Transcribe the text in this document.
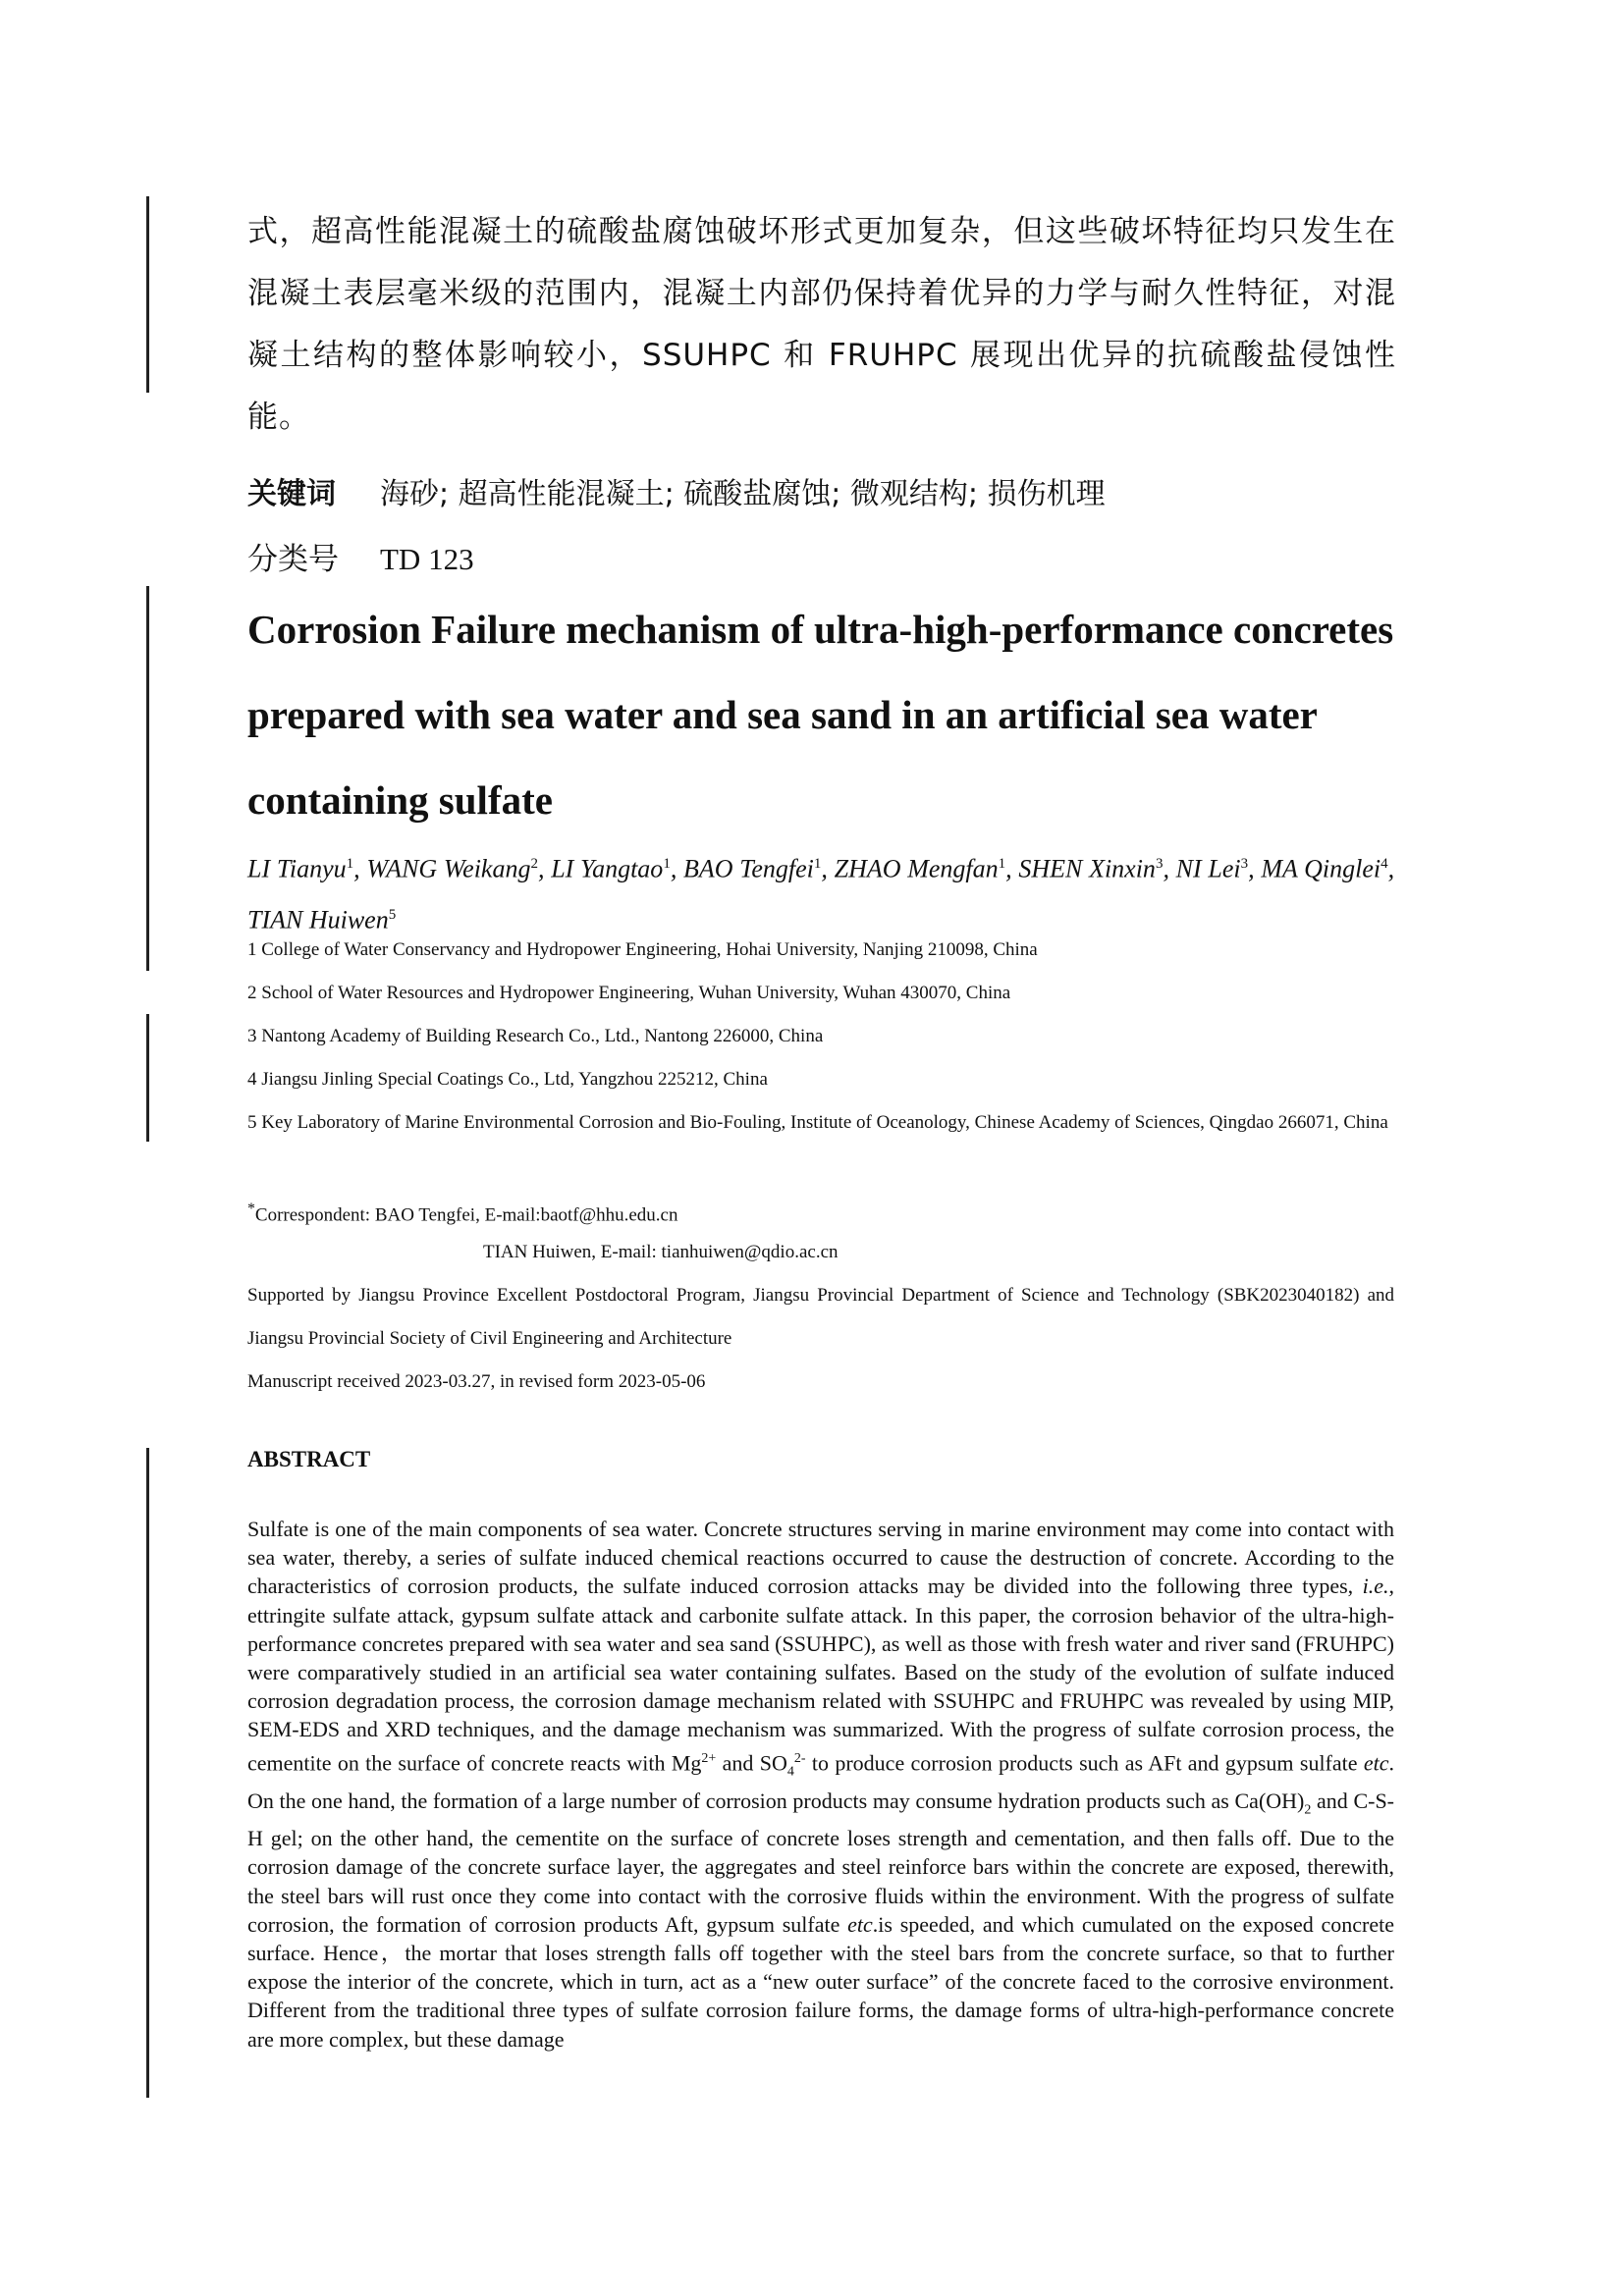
式，超高性能混凝土的硫酸盐腐蚀破坏形式更加复杂，但这些破坏特征均只发生在混凝土表层毫米级的范围内，混凝土内部仍保持着优异的力学与耐久性特征，对混凝土结构的整体影响较小，SSUHPC 和 FRUHPC 展现出优异的抗硫酸盐侵蚀性能。

关键词 海砂; 超高性能混凝土; 硫酸盐腐蚀; 微观结构; 损伤机理

分类号 TD 123

Corrosion Failure mechanism of ultra-high-performance concretes prepared with sea water and sea sand in an artificial sea water containing sulfate

LI Tianyu$^1$, WANG Weikang$^2$, LI Yangtao$^1$, BAO Tengfei$^1$, ZHAO Mengfan$^1$, SHEN Xinxin$^3$, NI Lei$^3$, MA Qinglei$^4$, TIAN Huiwen$^5$

1 College of Water Conservancy and Hydropower Engineering, Hohai University, Nanjing 210098, China

2 School of Water Resources and Hydropower Engineering, Wuhan University, Wuhan 430070, China

3 Nantong Academy of Building Research Co., Ltd., Nantong 226000, China

4 Jiangsu Jinling Special Coatings Co., Ltd, Yangzhou 225212, China

5 Key Laboratory of Marine Environmental Corrosion and Bio-Fouling, Institute of Oceanology, Chinese Academy of Sciences, Qingdao 266071, China

*Correspondent: BAO Tengfei, E-mail:baotf@hhu.edu.cn

TIAN Huiwen, E-mail: tianhuiwen@qdio.ac.cn

Supported by Jiangsu Province Excellent Postdoctoral Program, Jiangsu Provincial Department of Science and Technology (SBK2023040182) and Jiangsu Provincial Society of Civil Engineering and Architecture

Manuscript received 2023-03.27, in revised form 2023-05-06

ABSTRACT

Sulfate is one of the main components of sea water. Concrete structures serving in marine environment may come into contact with sea water, thereby, a series of sulfate induced chemical reactions occurred to cause the destruction of concrete. According to the characteristics of corrosion products, the sulfate induced corrosion attacks may be divided into the following three types, i.e., ettringite sulfate attack, gypsum sulfate attack and carbonite sulfate attack. In this paper, the corrosion behavior of the ultra-high-performance concretes prepared with sea water and sea sand (SSUHPC), as well as those with fresh water and river sand (FRUHPC) were comparatively studied in an artificial sea water containing sulfates. Based on the study of the evolution of sulfate induced corrosion degradation process, the corrosion damage mechanism related with SSUHPC and FRUHPC was revealed by using MIP, SEM-EDS and XRD techniques, and the damage mechanism was summarized. With the progress of sulfate corrosion process, the cementite on the surface of concrete reacts with $Mg^{2+}$ and $SO_4^{2-}$ to produce corrosion products such as AFt and gypsum sulfate etc. On the one hand, the formation of a large number of corrosion products may consume hydration products such as $Ca(OH)_2$ and C-S-H gel; on the other hand, the cementite on the surface of concrete loses strength and cementation, and then falls off. Due to the corrosion damage of the concrete surface layer, the aggregates and steel reinforce bars within the concrete are exposed, therewith, the steel bars will rust once they come into contact with the corrosive fluids within the environment. With the progress of sulfate corrosion, the formation of corrosion products Aft, gypsum sulfate etc.is speeded, and which cumulated on the exposed concrete surface. Hence，the mortar that loses strength falls off together with the steel bars from the concrete surface, so that to further expose the interior of the concrete, which in turn, act as a “new outer surface” of the concrete faced to the corrosive environment. Different from the traditional three types of sulfate corrosion failure forms, the damage forms of ultra-high-performance concrete are more complex, but these damage
